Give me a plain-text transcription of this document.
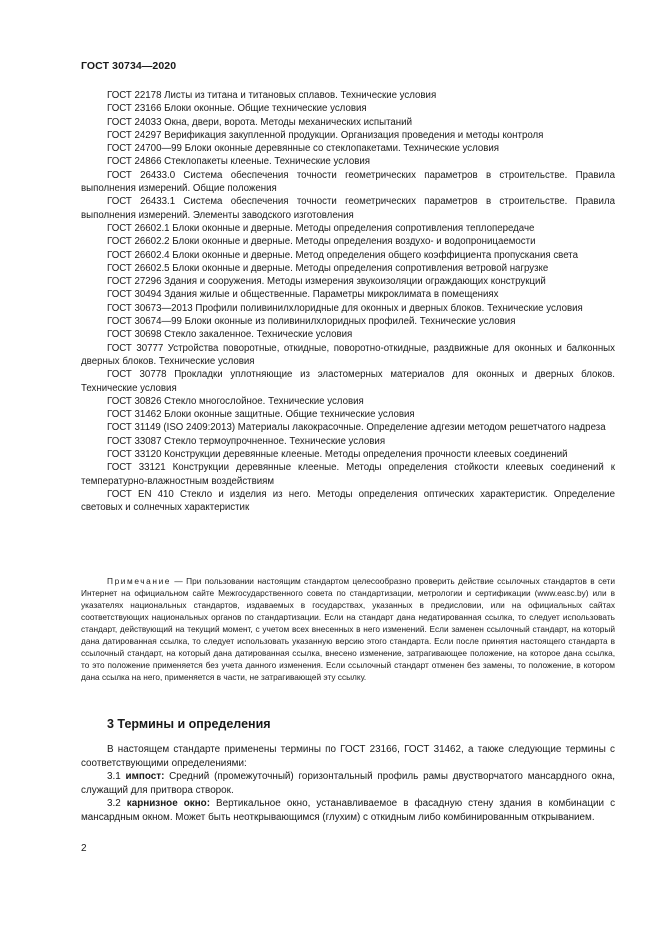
ГОСТ 30734—2020

ГОСТ 22178 Листы из титана и титановых сплавов. Технические условия

ГОСТ 23166 Блоки оконные. Общие технические условия

ГОСТ 24033 Окна, двери, ворота. Методы механических испытаний

ГОСТ 24297 Верификация закупленной продукции. Организация проведения и методы контроля

ГОСТ 24700—99 Блоки оконные деревянные со стеклопакетами. Технические условия

ГОСТ 24866 Стеклопакеты клееные. Технические условия

ГОСТ 26433.0 Система обеспечения точности геометрических параметров в строительстве. Правила выполнения измерений. Общие положения

ГОСТ 26433.1 Система обеспечения точности геометрических параметров в строительстве. Правила выполнения измерений. Элементы заводского изготовления

ГОСТ 26602.1 Блоки оконные и дверные. Методы определения сопротивления теплопередаче

ГОСТ 26602.2 Блоки оконные и дверные. Методы определения воздухо- и водопроницаемости

ГОСТ 26602.4 Блоки оконные и дверные. Метод определения общего коэффициента пропускания света

ГОСТ 26602.5 Блоки оконные и дверные. Методы определения сопротивления ветровой нагрузке

ГОСТ 27296 Здания и сооружения. Методы измерения звукоизоляции ограждающих конструкций

ГОСТ 30494 Здания жилые и общественные. Параметры микроклимата в помещениях

ГОСТ 30673—2013 Профили поливинилхлоридные для оконных и дверных блоков. Технические условия

ГОСТ 30674—99 Блоки оконные из поливинилхлоридных профилей. Технические условия

ГОСТ 30698 Стекло закаленное. Технические условия

ГОСТ 30777 Устройства поворотные, откидные, поворотно-откидные, раздвижные для оконных и балконных дверных блоков. Технические условия

ГОСТ 30778 Прокладки уплотняющие из эластомерных материалов для оконных и дверных блоков. Технические условия

ГОСТ 30826 Стекло многослойное. Технические условия

ГОСТ 31462 Блоки оконные защитные. Общие технические условия

ГОСТ 31149 (ISO 2409:2013) Материалы лакокрасочные. Определение адгезии методом решетчатого надреза

ГОСТ 33087 Стекло термоупрочненное. Технические условия

ГОСТ 33120 Конструкции деревянные клееные. Методы определения прочности клеевых соединений

ГОСТ 33121 Конструкции деревянные клееные. Методы определения стойкости клеевых соединений к температурно-влажностным воздействиям

ГОСТ EN 410 Стекло и изделия из него. Методы определения оптических характеристик. Определение световых и солнечных характеристик

Примечание — При пользовании настоящим стандартом целесообразно проверить действие ссылочных стандартов в сети Интернет на официальном сайте Межгосударственного совета по стандартизации, метрологии и сертификации (www.easc.by) или в указателях национальных стандартов, издаваемых в государствах, указанных в предисловии, или на официальных сайтах соответствующих национальных органов по стандартизации. Если на стандарт дана недатированная ссылка, то следует использовать стандарт, действующий на текущий момент, с учетом всех внесенных в него изменений. Если заменен ссылочный стандарт, на который дана датированная ссылка, то следует использовать указанную версию этого стандарта. Если после принятия настоящего стандарта в ссылочный стандарт, на который дана датированная ссылка, внесено изменение, затрагивающее положение, на которое дана ссылка, то это положение применяется без учета данного изменения. Если ссылочный стандарт отменен без замены, то положение, в котором дана ссылка на него, применяется в части, не затрагивающей эту ссылку.

3 Термины и определения

В настоящем стандарте применены термины по ГОСТ 23166, ГОСТ 31462, а также следующие термины с соответствующими определениями:

3.1 импост: Средний (промежуточный) горизонтальный профиль рамы двустворчатого мансардного окна, служащий для притвора створок.

3.2 карнизное окно: Вертикальное окно, устанавливаемое в фасадную стену здания в комбинации с мансардным окном. Может быть неоткрывающимся (глухим) с откидным либо комбинированным открыванием.

2
